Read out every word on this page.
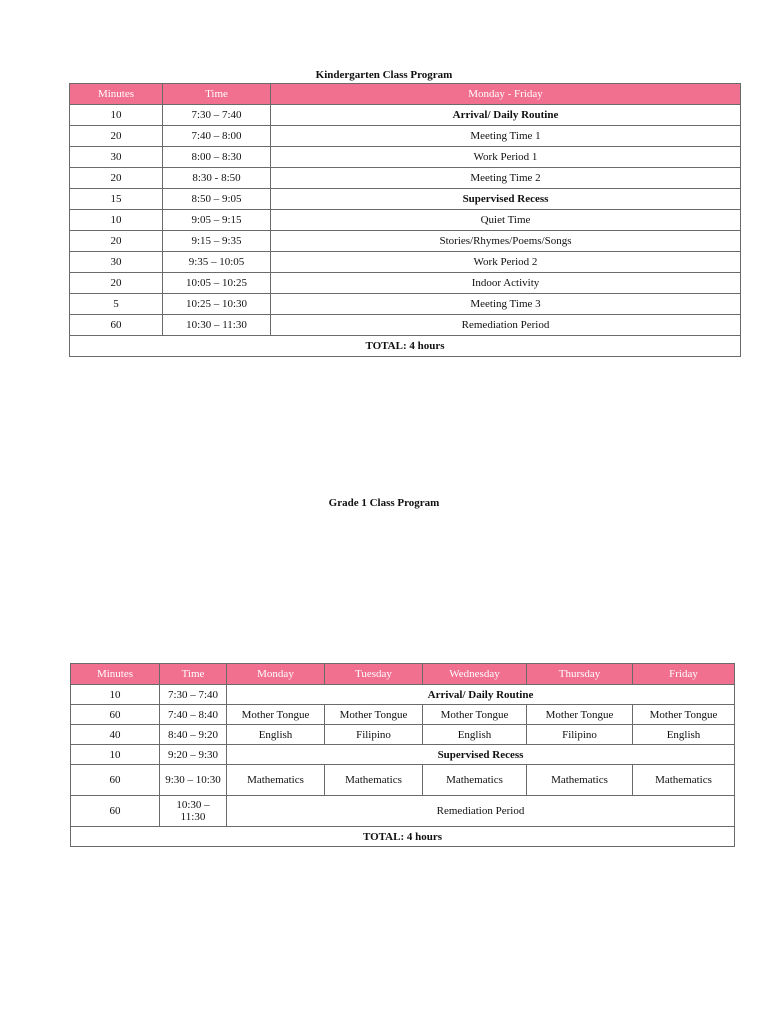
Kindergarten Class Program

Minutes	Time	Monday - Friday
10	7:30 – 7:40	Arrival/ Daily Routine
20	7:40 – 8:00	Meeting Time 1
30	8:00 – 8:30	Work Period 1
20	8:30 - 8:50	Meeting Time 2
15	8:50 – 9:05	Supervised Recess
10	9:05 – 9:15	Quiet Time
20	9:15 – 9:35	Stories/Rhymes/Poems/Songs
30	9:35 – 10:05	Work Period 2
20	10:05 – 10:25	Indoor Activity
5	10:25 – 10:30	Meeting Time 3
60	10:30 – 11:30	Remediation Period
TOTAL: 4 hours		

Grade 1 Class Program

Minutes	Time	Monday	Tuesday	Wednesday	Thursday	Friday
10	7:30 – 7:40	Arrival/ Daily Routine				
60	7:40 – 8:40	Mother Tongue	Mother Tongue	Mother Tongue	Mother Tongue	Mother Tongue
40	8:40 – 9:20	English	Filipino	English	Filipino	English
10	9:20 – 9:30	Supervised Recess				
60	9:30 – 10:30	Mathematics	Mathematics	Mathematics	Mathematics	Mathematics
60	10:30 – 11:30	Remediation Period				
TOTAL: 4 hours						
